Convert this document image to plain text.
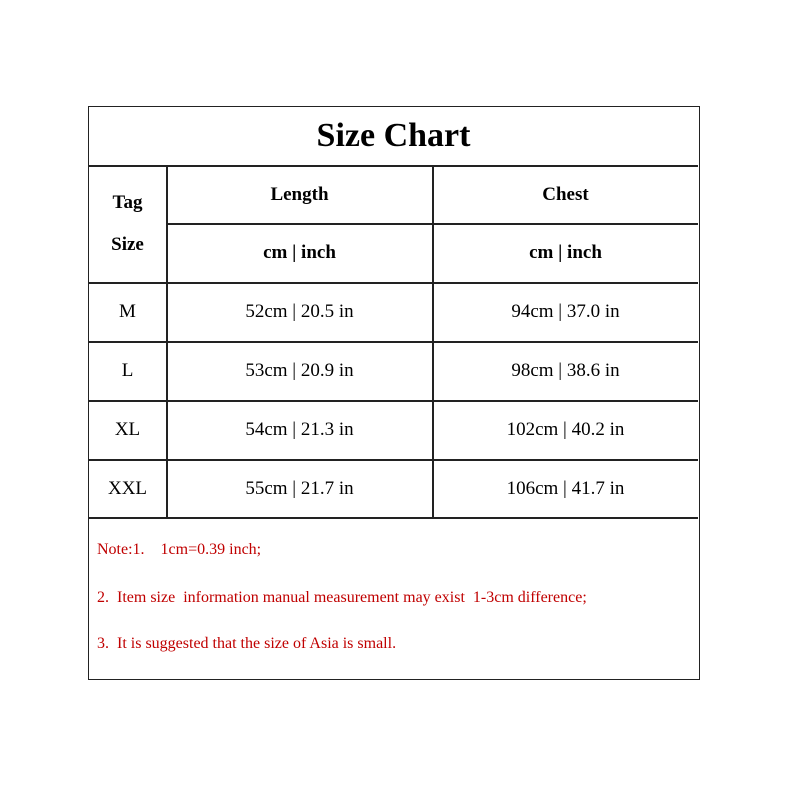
Size Chart
Tag
Size
Length	Chest
cm | inch	cm | inch
M	52cm | 20.5 in	94cm | 37.0 in
L	53cm | 20.9 in	98cm | 38.6 in
XL	54cm | 21.3 in	102cm | 40.2 in
XXL	55cm | 21.7 in	106cm | 41.7 in
Note:1.    1cm=0.39 inch;
2.  Item size  information manual measurement may exist  1-3cm difference;
3.  It is suggested that the size of Asia is small.
